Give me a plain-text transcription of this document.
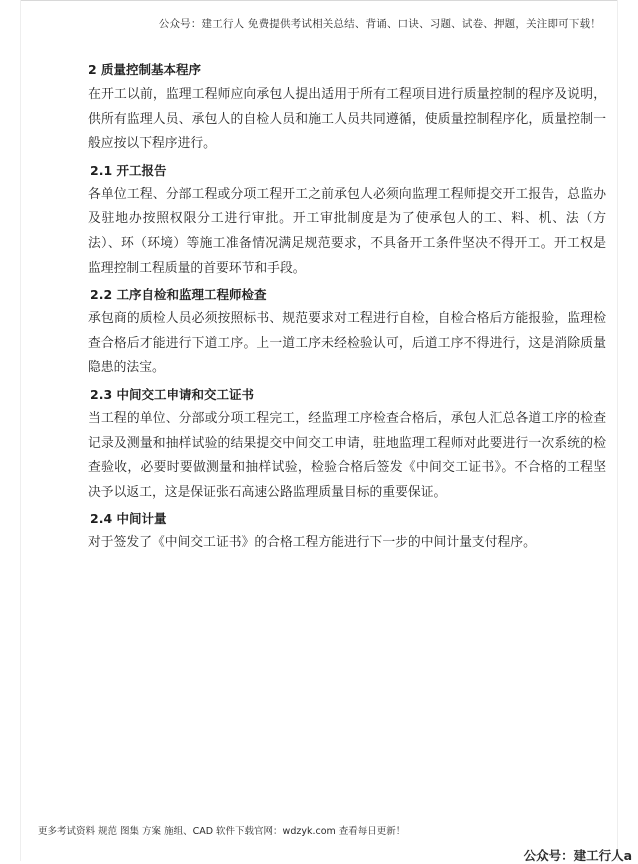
公众号：建工行人 免费提供考试相关总结、背诵、口诀、习题、试卷、押题，关注即可下载！
2 质量控制基本程序

在开工以前，监理工程师应向承包人提出适用于所有工程项目进行质量控制的程序及说明，供所有监理人员、承包人的自检人员和施工人员共同遵循，使质量控制程序化，质量控制一般应按以下程序进行。

2.1 开工报告

各单位工程、分部工程或分项工程开工之前承包人必须向监理工程师提交开工报告，总监办及驻地办按照权限分工进行审批。开工审批制度是为了使承包人的工、料、机、法（方法）、环（环境）等施工准备情况满足规范要求，不具备开工条件坚决不得开工。开工权是监理控制工程质量的首要环节和手段。

2.2 工序自检和监理工程师检查

承包商的质检人员必须按照标书、规范要求对工程进行自检，自检合格后方能报验，监理检查合格后才能进行下道工序。上一道工序未经检验认可，后道工序不得进行，这是消除质量隐患的法宝。

2.3 中间交工申请和交工证书

当工程的单位、分部或分项工程完工，经监理工序检查合格后，承包人汇总各道工序的检查记录及测量和抽样试验的结果提交中间交工申请，驻地监理工程师对此要进行一次系统的检查验收，必要时要做测量和抽样试验，检验合格后签发《中间交工证书》。不合格的工程坚决予以返工，这是保证张石高速公路监理质量目标的重要保证。

2.4 中间计量

对于签发了《中间交工证书》的合格工程方能进行下一步的中间计量支付程序。

更多考试资料 规范 图集 方案 施组、CAD 软件下载官网：wdzyk.com 查看每日更新！
公众号：建工行人a
